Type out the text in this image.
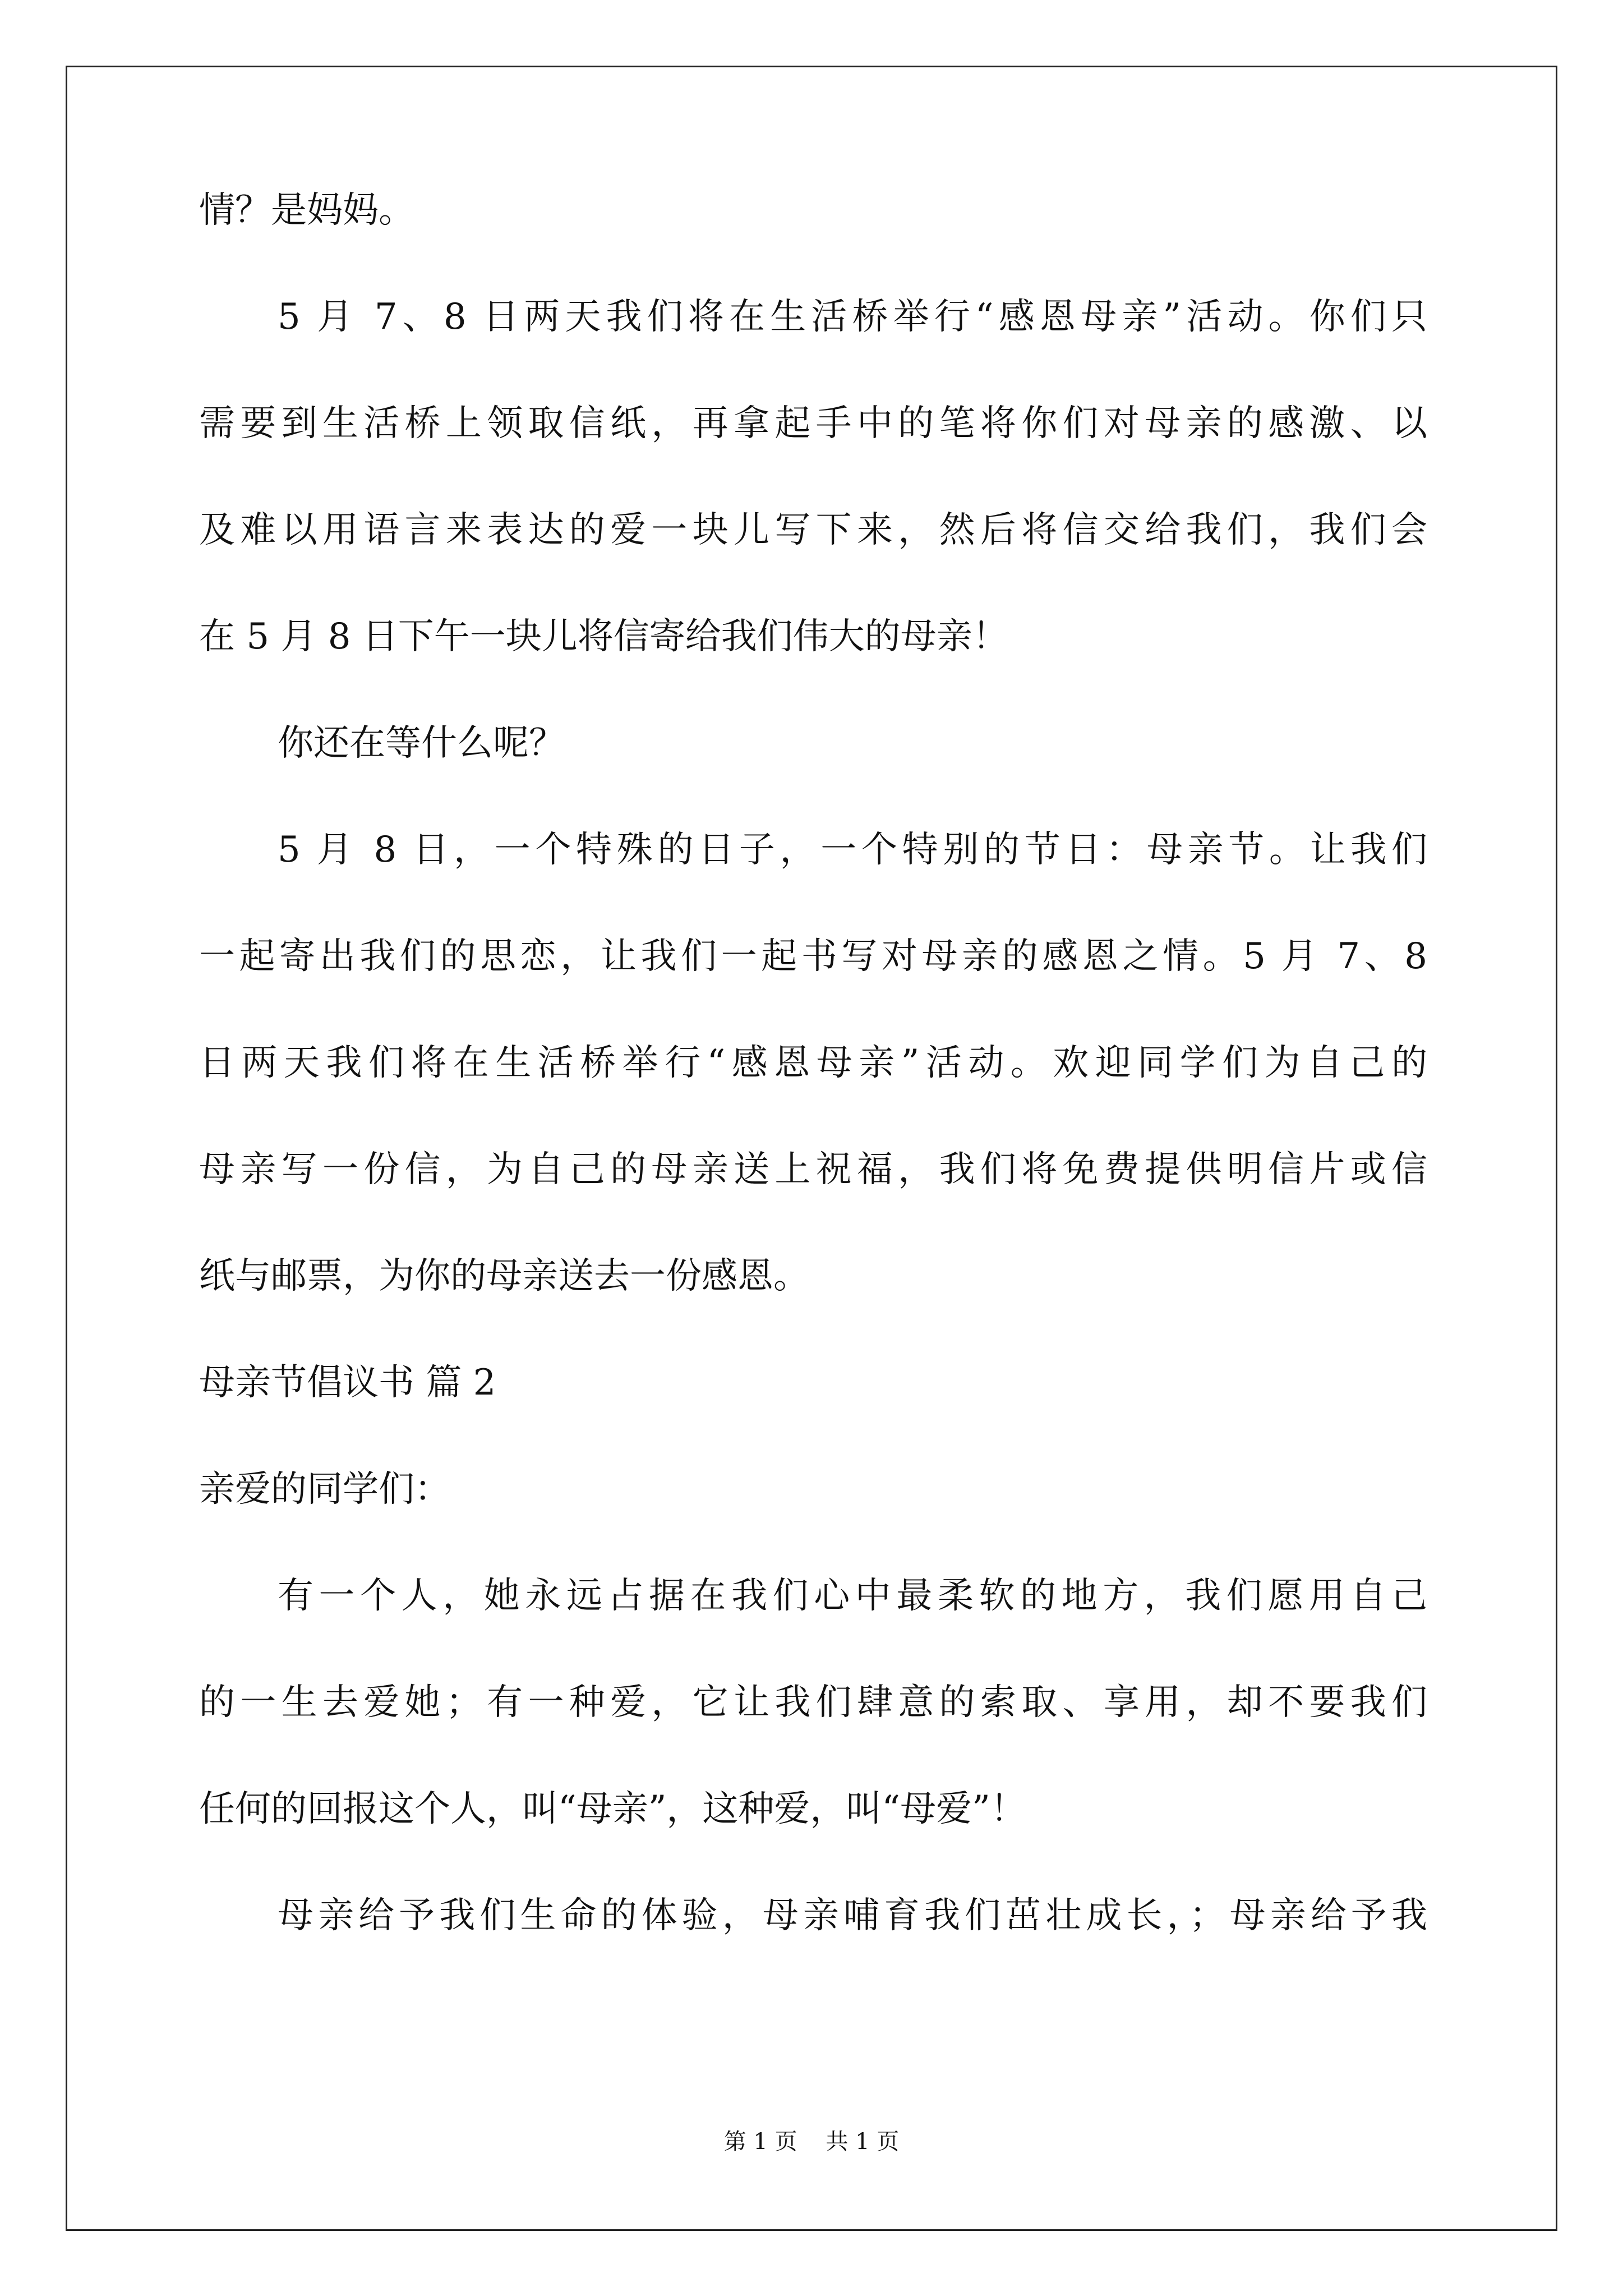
情？是妈妈。
5 月 7、8 日两天我们将在生活桥举行“感恩母亲”活动。你们只
需要到生活桥上领取信纸，再拿起手中的笔将你们对母亲的感激、以
及难以用语言来表达的爱一块儿写下来，然后将信交给我们，我们会
在 5 月 8 日下午一块儿将信寄给我们伟大的母亲！
你还在等什么呢？
5 月 8 日，一个特殊的日子，一个特别的节日：母亲节。让我们
一起寄出我们的思恋，让我们一起书写对母亲的感恩之情。5 月 7、8
日两天我们将在生活桥举行“感恩母亲”活动。欢迎同学们为自己的
母亲写一份信，为自己的母亲送上祝福，我们将免费提供明信片或信
纸与邮票，为你的母亲送去一份感恩。
母亲节倡议书 篇 2
亲爱的同学们：
有一个人，她永远占据在我们心中最柔软的地方，我们愿用自己
的一生去爱她；有一种爱，它让我们肆意的索取、享用，却不要我们
任何的回报这个人，叫“母亲”，这种爱，叫“母爱”！
母亲给予我们生命的体验，母亲哺育我们茁壮成长，；母亲给予我
第 1 页    共 1 页
